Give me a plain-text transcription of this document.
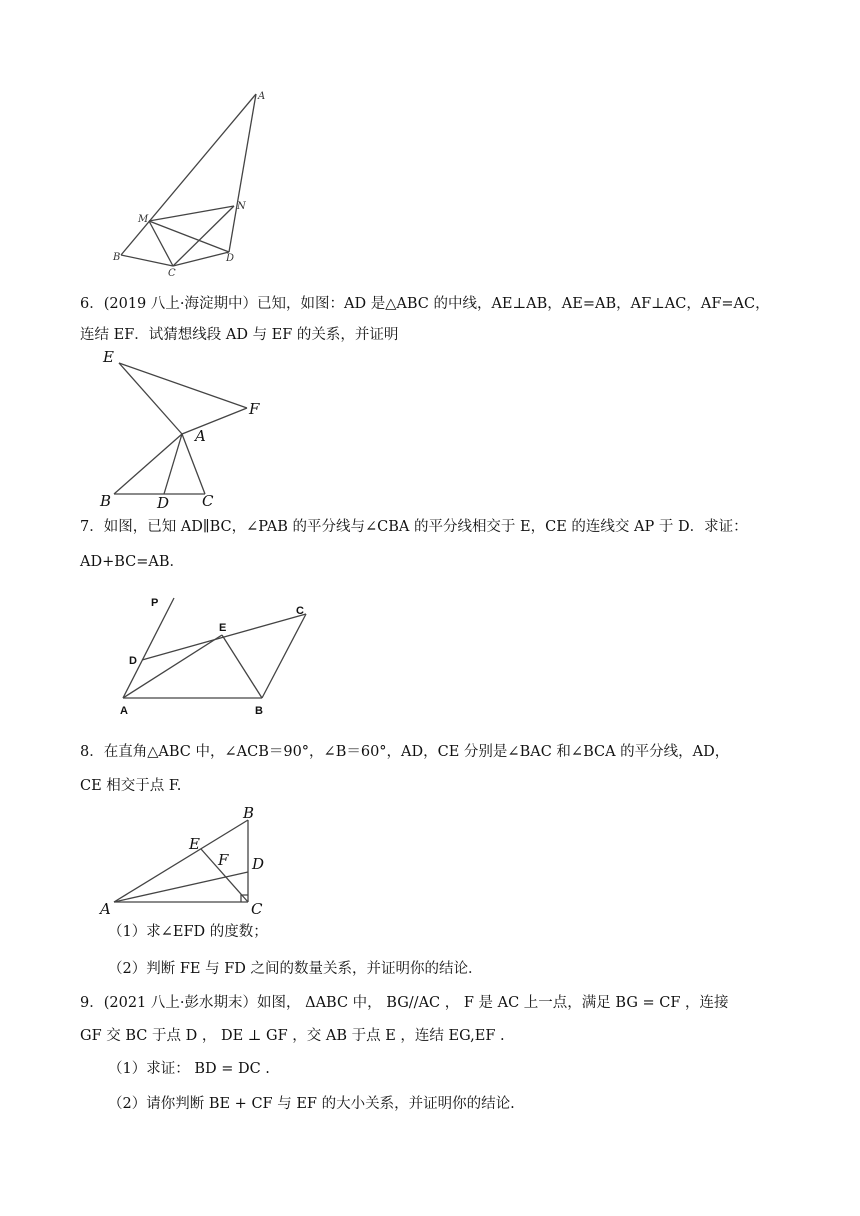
A
M
N
B
C
D
6．(2019 八上·海淀期中）已知，如图：AD 是△ABC 的中线，AE⊥AB，AE=AB，AF⊥AC，AF=AC，
连结 EF．试猜想线段 AD 与 EF 的关系，并证明
E
F
A
B	D C
7．如图，已知 AD∥BC，∠PAB 的平分线与∠CBA 的平分线相交于 E，CE 的连线交 AP 于 D．求证：
AD+BC=AB．
P
C
E
D
A	B
8．在直角△ABC 中，∠ACB＝90°，∠B＝60°，AD，CE 分别是∠BAC 和∠BCA 的平分线，AD，
CE 相交于点 F.
B
E
F D
A	C
（1）求∠EFD 的度数；
（2）判断 FE 与 FD 之间的数量关系，并证明你的结论．
9．(2021 八上·彭水期末）如图， ΔABC 中， BG//AC ， F 是 AC 上一点，满足 BG = CF ，连接
GF 交 BC 于点 D ， DE ⊥ GF ，交 AB 于点 E ，连结 EG,EF .
（1）求证： BD = DC .
（2）请你判断 BE + CF 与 EF 的大小关系，并证明你的结论.
